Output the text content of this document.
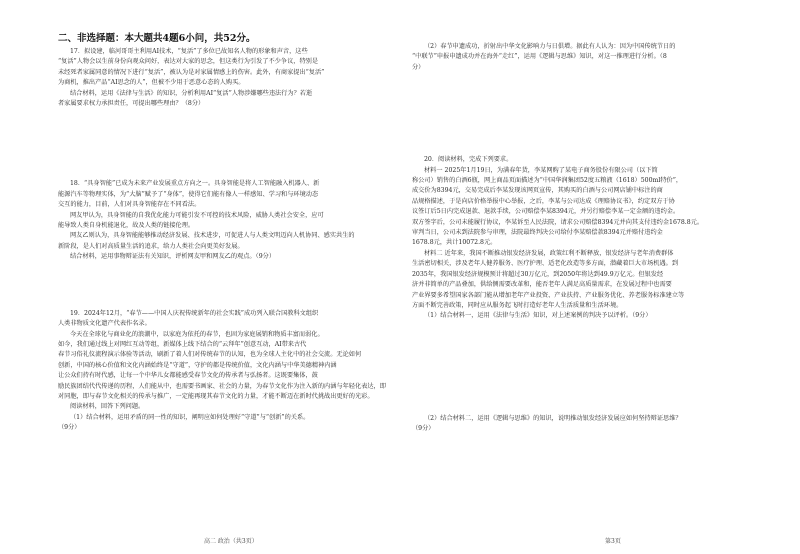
二、非选择题：本大题共4题6小问，共52分。

17．拟设建，临河哥哥主利用AI技术，“复活”了多位已故知名人物的形象和声音，这些

“复活”人物会以生前身份向观众问好，表达对大家的思念，但这类行为引发了不少争议，特别是

未经死者家属同意的情况下进行“复活”，被认为是对家属情感上的伤害。此外，有商家提出“复活”

为商机，推出产品“AI思念的人”，但被不少用于恶意心态的人购买。

结合材料，运用《法律与生活》的知识，分析利用AI“复活”人物涉嫌哪些违法行为？若逝

者家属要求权力承担责任，可提出哪些理由？（8分）

18．“具身智能”已成为未来产业发展重点方向之一。具身智能是将人工智能融入机器人、新

能源汽车等物理实体，为“大脑”赋予了“身体”，使得它们能有像人一样感知、学习和与环境动态

交互的能力，目前，人们对具身智能存在不同看法。

网友甲认为，具身智能的自我优化能力可能引发不可控的技术风险，威胁人类社会安全，应可

能导致人类自身机能退化，故及人类的链接伦理。

网友乙则认为，具身智能能够推动经济发展、技术进步，可促进人与人类文明迈向人机协同、感实共生的

新阶段，是人们对高质量生活的追求，给力人类社会向更美好发展。

结合材料，运用事物辩证法有关知识，评析网友甲和网友乙的观点。（9分）

19．2024年12月，“春节——中国人庆祝传统新年的社会实践”成功列入联合国教科文组织

人类非物质文化遗产代表作名录。

今天在全球化与商业化的浪潮中，以家庭为依托的春节，也固为家庭展销和物质丰富而弱化。

如今，我们通过线上对网红互动等组，新媒体上线下结合的“云拜年”创意互动，AI带来古代

春节习俗礼仪流程演示体验等活动，刷新了着人们对传统春节的认知，也为全球人主化中的社会交流。无论如何

创新，中国的核心价值和文化内涵始终是“守道”，守护的都是传统价值，文化内涵与中华美德精神内涵

让公众们持有时代感，让每一个中华儿女都能感受春节文化的传承者与弘扬者。这既要集体，鼓

励民族团结代代传递的历程，人们能从中，也需要书画家、社会的力量，为春节文化作为注入新的内涵与年轻化表达，即

对同胞，即与春节文化相关的传承与推广，一定能再现其春节文化的力量，才能不断迈在新时代挑战出更好的光彩。

阅读材料，回答下列问题。

（1）结合材料，运用矛盾的同一性的知识，阐明应如何处理好“守道”与“创新”的关系。

（9分）

（2）春节申遗成功，折射出中华文化影响力与日俱增。据此有人认为：因为中国传统节日的

“中联节”申报申遗成功并在海外“走红”，运用《逻辑与思维》知识，对这一推理进行分析。（8

分）

20．阅读材料，完成下列要求。

材料一 2025年1月19日，为满春年货，李某网购了某电子商务股份有限公司（以下简

称公司）销售的白酒6瓶，网上商品页面描述为“中国华润集团52度五粮液（1618）500ml特价”，

成交价为8394元，交易完成后李某发现该网页宣传，其购买的白酒与公司网店铺中标注的商

品规格描述，于是向店价格举报中心举报，之后，李某与公司达成《理赔协议书》，约定双方于协

议签订后5日内完成退款、退款手续，公司赔偿李某8394元，并另行赔偿李某一定金额的违约金。

双方签字后，公司未能履行协议，李某诉至人民法院，请求公司赔偿8394元并向其支付违约金1678.8元。

审判当日，公司未到法院参与审理，法院最终判决公司给付李某赔偿款8394元并赔付违约金

1678.8元，共计10072.8元。

材料二 近年来，我国不断推动银发经济发展，政策红利不断释放，银发经济与老年消费群体

生活密切相关，涉及老年人健养服务、医疗护理、适老化改造等多方面，潜藏着巨大市场机遇。到

2035年，我国银发经济规模预计将超过30万亿元，到2050年将达到49.9万亿元。但银发经

济并非简单的产品叠加，供给侧需要改革和，能否老年人满足高质量需求，在发展过程中也需要

产业界要多希望国家各部门能从增加老年产业投资、产业扶持、产业服务优化、养老服务标准建立等

方面不断完善政策，同时应从服务起飞时打造好老年人生活质量和生活环境。

（1）结合材料一，运用《法律与生活》知识，对上述案例的判决予以评析。（9分）

（2）结合材料二，运用《逻辑与思维》的知识，说明推动银发经济发展应如何坚持辩证思维？

（9分）

高二 政治（共3页）	第3页
